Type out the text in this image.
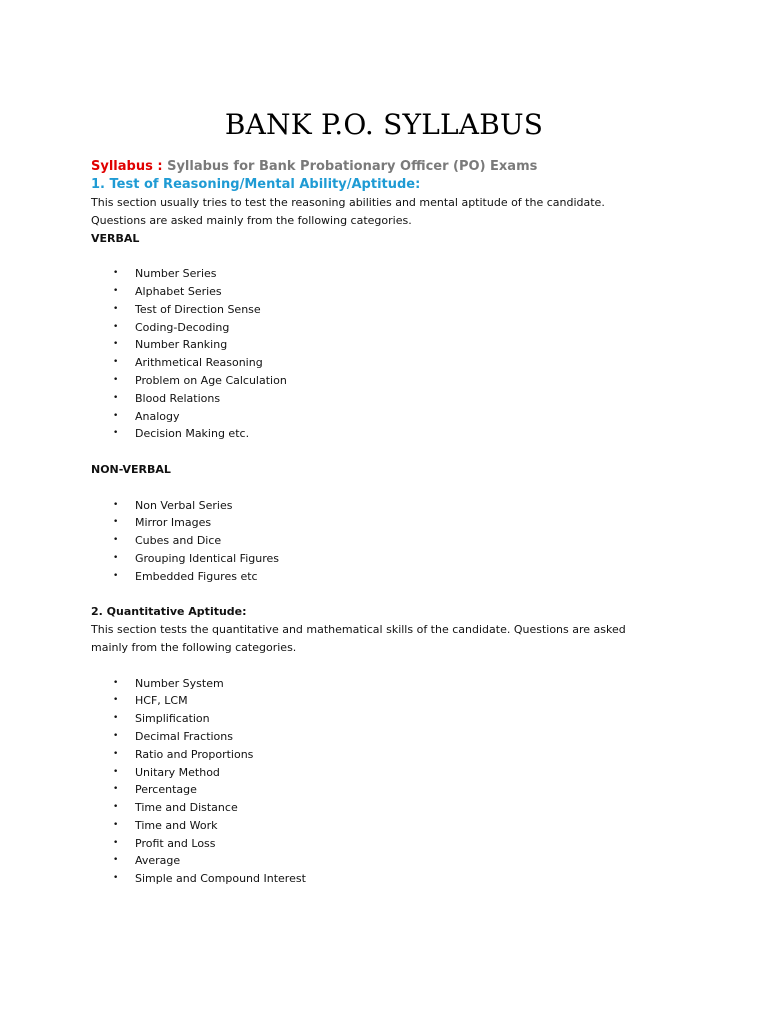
BANK P.O. SYLLABUS

Syllabus : Syllabus for Bank Probationary Officer (PO) Exams

1. Test of Reasoning/Mental Ability/Aptitude:

This section usually tries to test the reasoning abilities and mental aptitude of the candidate.

Questions are asked mainly from the following categories.

VERBAL

• Number Series
• Alphabet Series
• Test of Direction Sense
• Coding-Decoding
• Number Ranking
• Arithmetical Reasoning
• Problem on Age Calculation
• Blood Relations
• Analogy
• Decision Making etc.

NON-VERBAL

• Non Verbal Series
• Mirror Images
• Cubes and Dice
• Grouping Identical Figures
• Embedded Figures etc

2. Quantitative Aptitude:

This section tests the quantitative and mathematical skills of the candidate. Questions are asked

mainly from the following categories.

• Number System
• HCF, LCM
• Simplification
• Decimal Fractions
• Ratio and Proportions
• Unitary Method
• Percentage
• Time and Distance
• Time and Work
• Profit and Loss
• Average
• Simple and Compound Interest
